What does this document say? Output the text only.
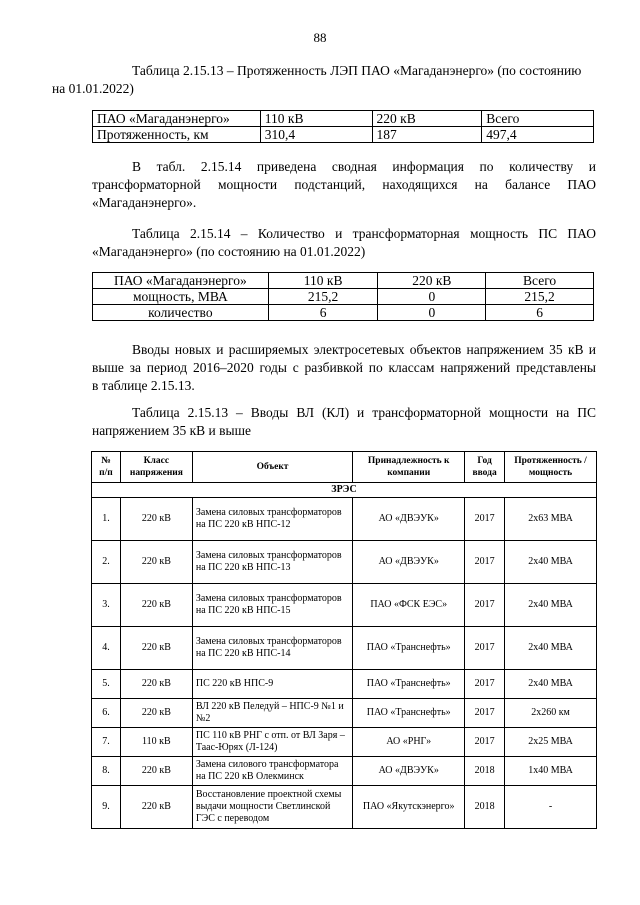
88
Таблица 2.15.13 – Протяженность ЛЭП ПАО «Магаданэнерго» (по состоянию
на 01.01.2022)
ПАО «Магаданэнерго»	110 кВ	220 кВ	Всего
Протяженность, км	310,4	187	497,4
В табл. 2.15.14 приведена сводная информация по количеству и
трансформаторной мощности подстанций, находящихся на балансе ПАО
«Магаданэнерго».
Таблица 2.15.14 – Количество и трансформаторная мощность ПС ПАО
«Магаданэнерго» (по состоянию на 01.01.2022)
ПАО «Магаданэнерго»	110 кВ	220 кВ	Всего
мощность, МВА	215,2	0	215,2
количество	6	0	6
Вводы новых и расширяемых электросетевых объектов напряжением 35 кВ и
выше за период 2016–2020 годы с разбивкой по классам напряжений представлены
в таблице 2.15.13.
Таблица 2.15.13 – Вводы ВЛ (КЛ) и трансформаторной мощности на ПС
напряжением 35 кВ и выше
№ п/п	Класс напряжения	Объект	Принадлежность к компании	Год ввода	Протяженность / мощность
ЗРЭС					
1.	220 кВ	Замена силовых трансформаторов на ПС 220 кВ НПС-12	АО «ДВЭУК»	2017	2х63 МВА
2.	220 кВ	Замена силовых трансформаторов на ПС 220 кВ НПС-13	АО «ДВЭУК»	2017	2х40 МВА
3.	220 кВ	Замена силовых трансформаторов на ПС 220 кВ НПС-15	ПАО «ФСК ЕЭС»	2017	2х40 МВА
4.	220 кВ	Замена силовых трансформаторов на ПС 220 кВ НПС-14	ПАО «Транснефть»	2017	2х40 МВА
5.	220 кВ	ПС 220 кВ НПС-9	ПАО «Транснефть»	2017	2х40 МВА
6.	220 кВ	ВЛ 220 кВ Пеледуй – НПС-9 №1 и №2	ПАО «Транснефть»	2017	2х260 км
7.	110 кВ	ПС 110 кВ РНГ с отп. от ВЛ Заря – Таас-Юрях (Л-124)	АО «РНГ»	2017	2х25 МВА
8.	220 кВ	Замена силового трансформатора на ПС 220 кВ Олекминск	АО «ДВЭУК»	2018	1х40 МВА
9.	220 кВ	Восстановление проектной схемы выдачи мощности Светлинской ГЭС с переводом	ПАО «Якутскэнерго»	2018	-
